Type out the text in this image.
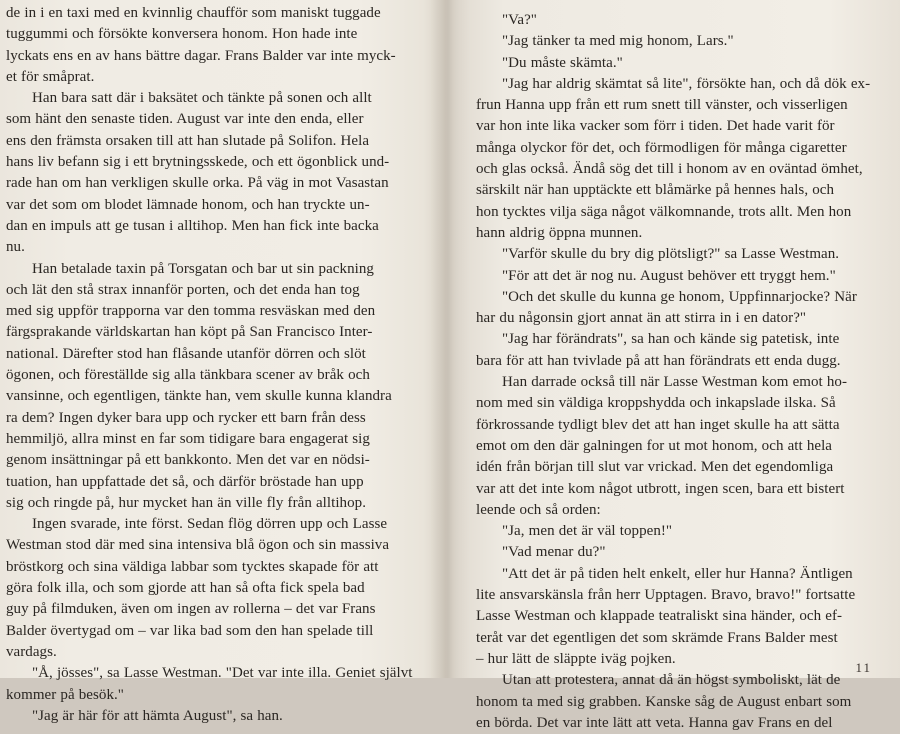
de in i en taxi med en kvinnlig chaufför som maniskt tuggade
tuggummi och försökte konversera honom. Hon hade inte
lyckats ens en av hans bättre dagar. Frans Balder var inte myck-
et för småprat.
Han bara satt där i baksätet och tänkte på sonen och allt
som hänt den senaste tiden. August var inte den enda, eller
ens den främsta orsaken till att han slutade på Solifon. Hela
hans liv befann sig i ett brytningsskede, och ett ögonblick und-
rade han om han verkligen skulle orka. På väg in mot Vasastan
var det som om blodet lämnade honom, och han tryckte un-
dan en impuls att ge tusan i alltihop. Men han fick inte backa
nu.
Han betalade taxin på Torsgatan och bar ut sin packning
och lät den stå strax innanför porten, och det enda han tog
med sig uppför trapporna var den tomma resväskan med den
färgsprakande världskartan han köpt på San Francisco Inter-
national. Därefter stod han flåsande utanför dörren och slöt
ögonen, och föreställde sig alla tänkbara scener av bråk och
vansinne, och egentligen, tänkte han, vem skulle kunna klandra
ra dem? Ingen dyker bara upp och rycker ett barn från dess
hemmiljö, allra minst en far som tidigare bara engagerat sig
genom insättningar på ett bankkonto. Men det var en nödsi-
tuation, han uppfattade det så, och därför bröstade han upp
sig och ringde på, hur mycket han än ville fly från alltihop.
Ingen svarade, inte först. Sedan flög dörren upp och Lasse
Westman stod där med sina intensiva blå ögon och sin massiva
bröstkorg och sina väldiga labbar som tycktes skapade för att
göra folk illa, och som gjorde att han så ofta fick spela bad
guy på filmduken, även om ingen av rollerna – det var Frans
Balder övertygad om – var lika bad som den han spelade till
vardags.
"Å, jösses", sa Lasse Westman. "Det var inte illa. Geniet självt
kommer på besök."
"Jag är här för att hämta August", sa han.
"Va?"
"Jag tänker ta med mig honom, Lars."
"Du måste skämta."
"Jag har aldrig skämtat så lite", försökte han, och då dök ex-
frun Hanna upp från ett rum snett till vänster, och visserligen
var hon inte lika vacker som förr i tiden. Det hade varit för
många olyckor för det, och förmodligen för många cigaretter
och glas också. Ändå sög det till i honom av en oväntad ömhet,
särskilt när han upptäckte ett blåmärke på hennes hals, och
hon tycktes vilja säga något välkomnande, trots allt. Men hon
hann aldrig öppna munnen.
"Varför skulle du bry dig plötsligt?" sa Lasse Westman.
"För att det är nog nu. August behöver ett tryggt hem."
"Och det skulle du kunna ge honom, Uppfinnarjocke? När
har du någonsin gjort annat än att stirra in i en dator?"
"Jag har förändrats", sa han och kände sig patetisk, inte
bara för att han tvivlade på att han förändrats ett enda dugg.
Han darrade också till när Lasse Westman kom emot ho-
nom med sin väldiga kroppshydda och inkapslade ilska. Så
förkrossande tydligt blev det att han inget skulle ha att sätta
emot om den där galningen for ut mot honom, och att hela
idén från början till slut var vrickad. Men det egendomliga
var att det inte kom något utbrott, ingen scen, bara ett bistert
leende och så orden:
"Ja, men det är väl toppen!"
"Vad menar du?"
"Att det är på tiden helt enkelt, eller hur Hanna? Äntligen
lite ansvarskänsla från herr Upptagen. Bravo, bravo!" fortsatte
Lasse Westman och klappade teatraliskt sina händer, och ef-
teråt var det egentligen det som skrämde Frans Balder mest
– hur lätt de släppte iväg pojken.
Utan att protestera, annat då än högst symboliskt, lät de
honom ta med sig grabben. Kanske såg de August enbart som
en börda. Det var inte lätt att veta. Hanna gav Frans en del
11
